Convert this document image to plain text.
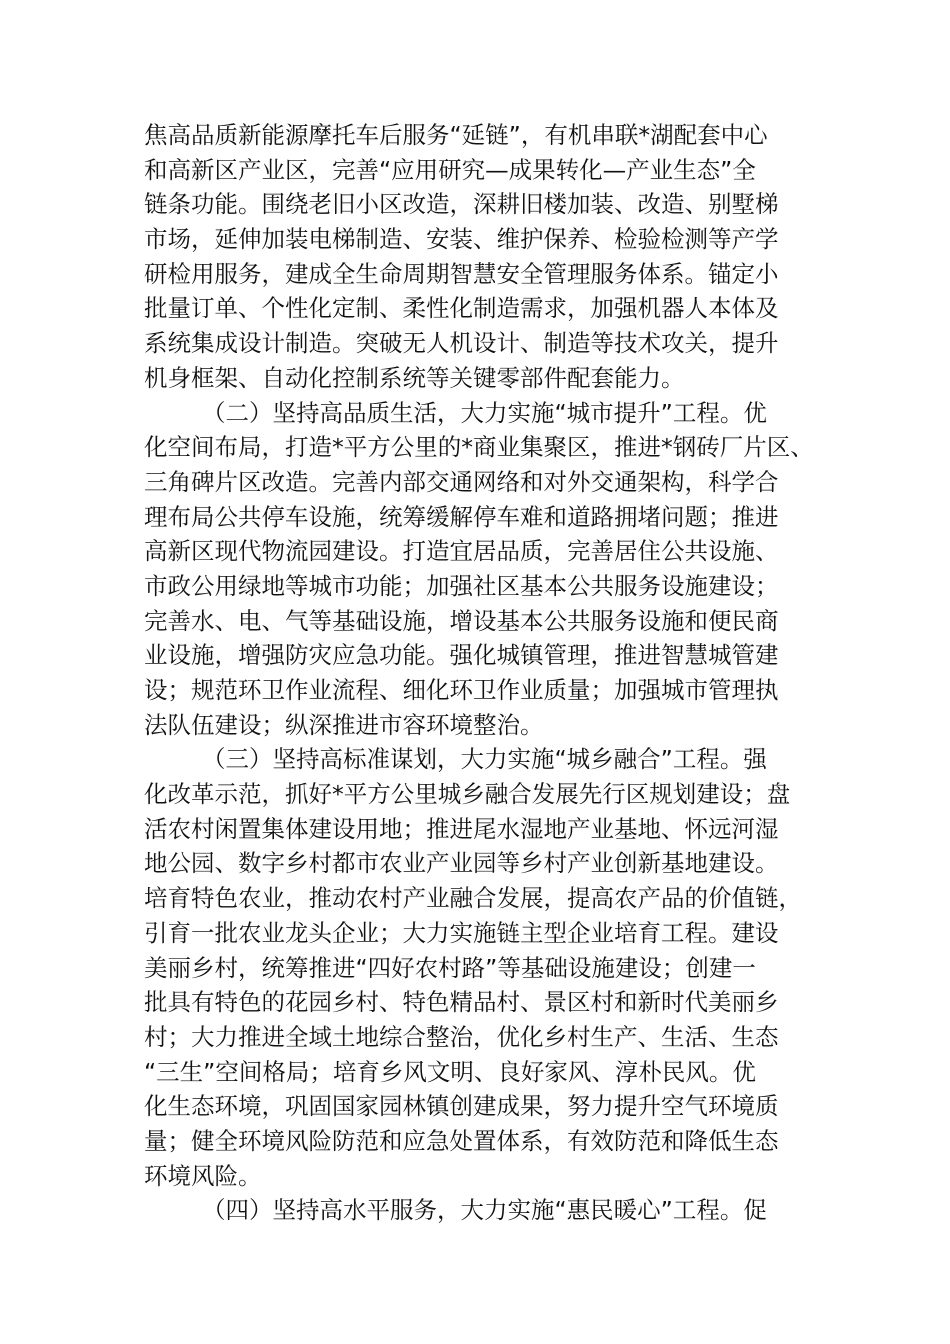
焦高品质新能源摩托车后服务“延链”，有机串联*湖配套中心
和高新区产业区，完善“应用研究—成果转化—产业生态”全
链条功能。围绕老旧小区改造，深耕旧楼加装、改造、别墅梯
市场，延伸加装电梯制造、安装、维护保养、检验检测等产学
研检用服务，建成全生命周期智慧安全管理服务体系。锚定小
批量订单、个性化定制、柔性化制造需求，加强机器人本体及
系统集成设计制造。突破无人机设计、制造等技术攻关，提升
机身框架、自动化控制系统等关键零部件配套能力。
（二）坚持高品质生活，大力实施“城市提升”工程。优
化空间布局，打造*平方公里的*商业集聚区，推进*钢砖厂片区、
三角碑片区改造。完善内部交通网络和对外交通架构，科学合
理布局公共停车设施，统筹缓解停车难和道路拥堵问题；推进
高新区现代物流园建设。打造宜居品质，完善居住公共设施、
市政公用绿地等城市功能；加强社区基本公共服务设施建设；
完善水、电、气等基础设施，增设基本公共服务设施和便民商
业设施，增强防灾应急功能。强化城镇管理，推进智慧城管建
设；规范环卫作业流程、细化环卫作业质量；加强城市管理执
法队伍建设；纵深推进市容环境整治。
（三）坚持高标准谋划，大力实施“城乡融合”工程。强
化改革示范，抓好*平方公里城乡融合发展先行区规划建设；盘
活农村闲置集体建设用地；推进尾水湿地产业基地、怀远河湿
地公园、数字乡村都市农业产业园等乡村产业创新基地建设。
培育特色农业，推动农村产业融合发展，提高农产品的价值链，
引育一批农业龙头企业；大力实施链主型企业培育工程。建设
美丽乡村，统筹推进“四好农村路”等基础设施建设；创建一
批具有特色的花园乡村、特色精品村、景区村和新时代美丽乡
村；大力推进全域土地综合整治，优化乡村生产、生活、生态
“三生”空间格局；培育乡风文明、良好家风、淳朴民风。优
化生态环境，巩固国家园林镇创建成果，努力提升空气环境质
量；健全环境风险防范和应急处置体系，有效防范和降低生态
环境风险。
（四）坚持高水平服务，大力实施“惠民暖心”工程。促
